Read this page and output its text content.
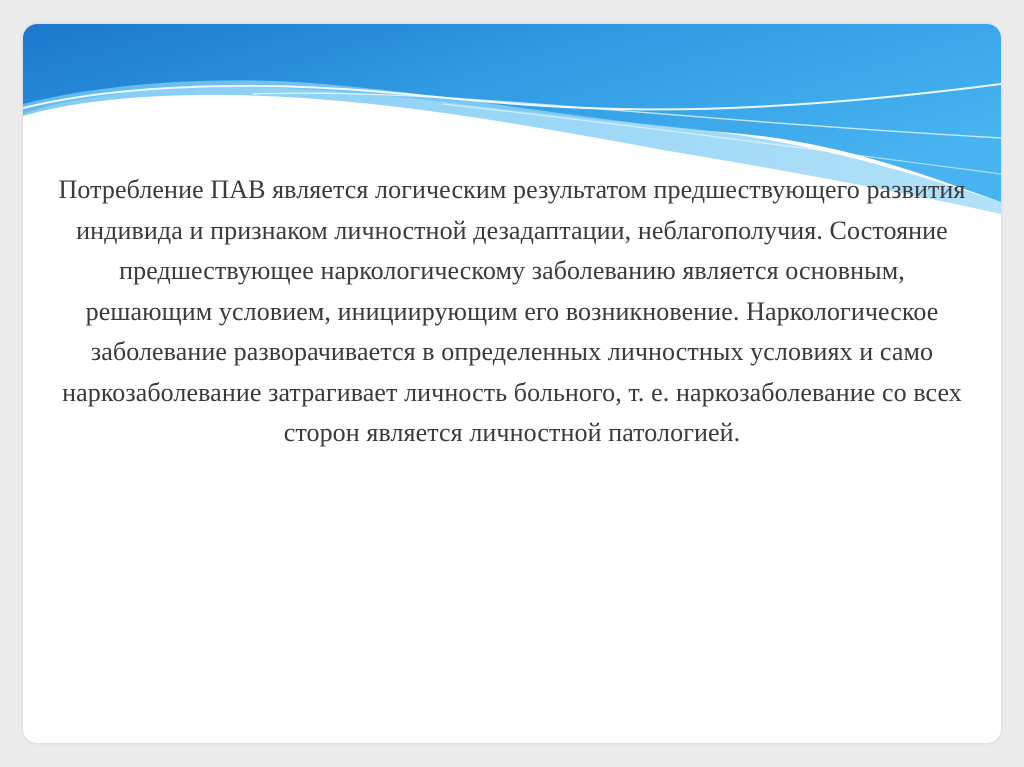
Потребление ПАВ является логическим результатом предшествующего развития индивида и признаком личностной дезадаптации, неблагополучия. Состояние предшествующее наркологическому заболеванию является основным, решающим условием, инициирующим его возникновение. Наркологическое заболевание разворачивается в определенных личностных условиях и само наркозаболевание затрагивает личность больного, т. е. наркозаболевание со всех сторон является личностной патологией.
